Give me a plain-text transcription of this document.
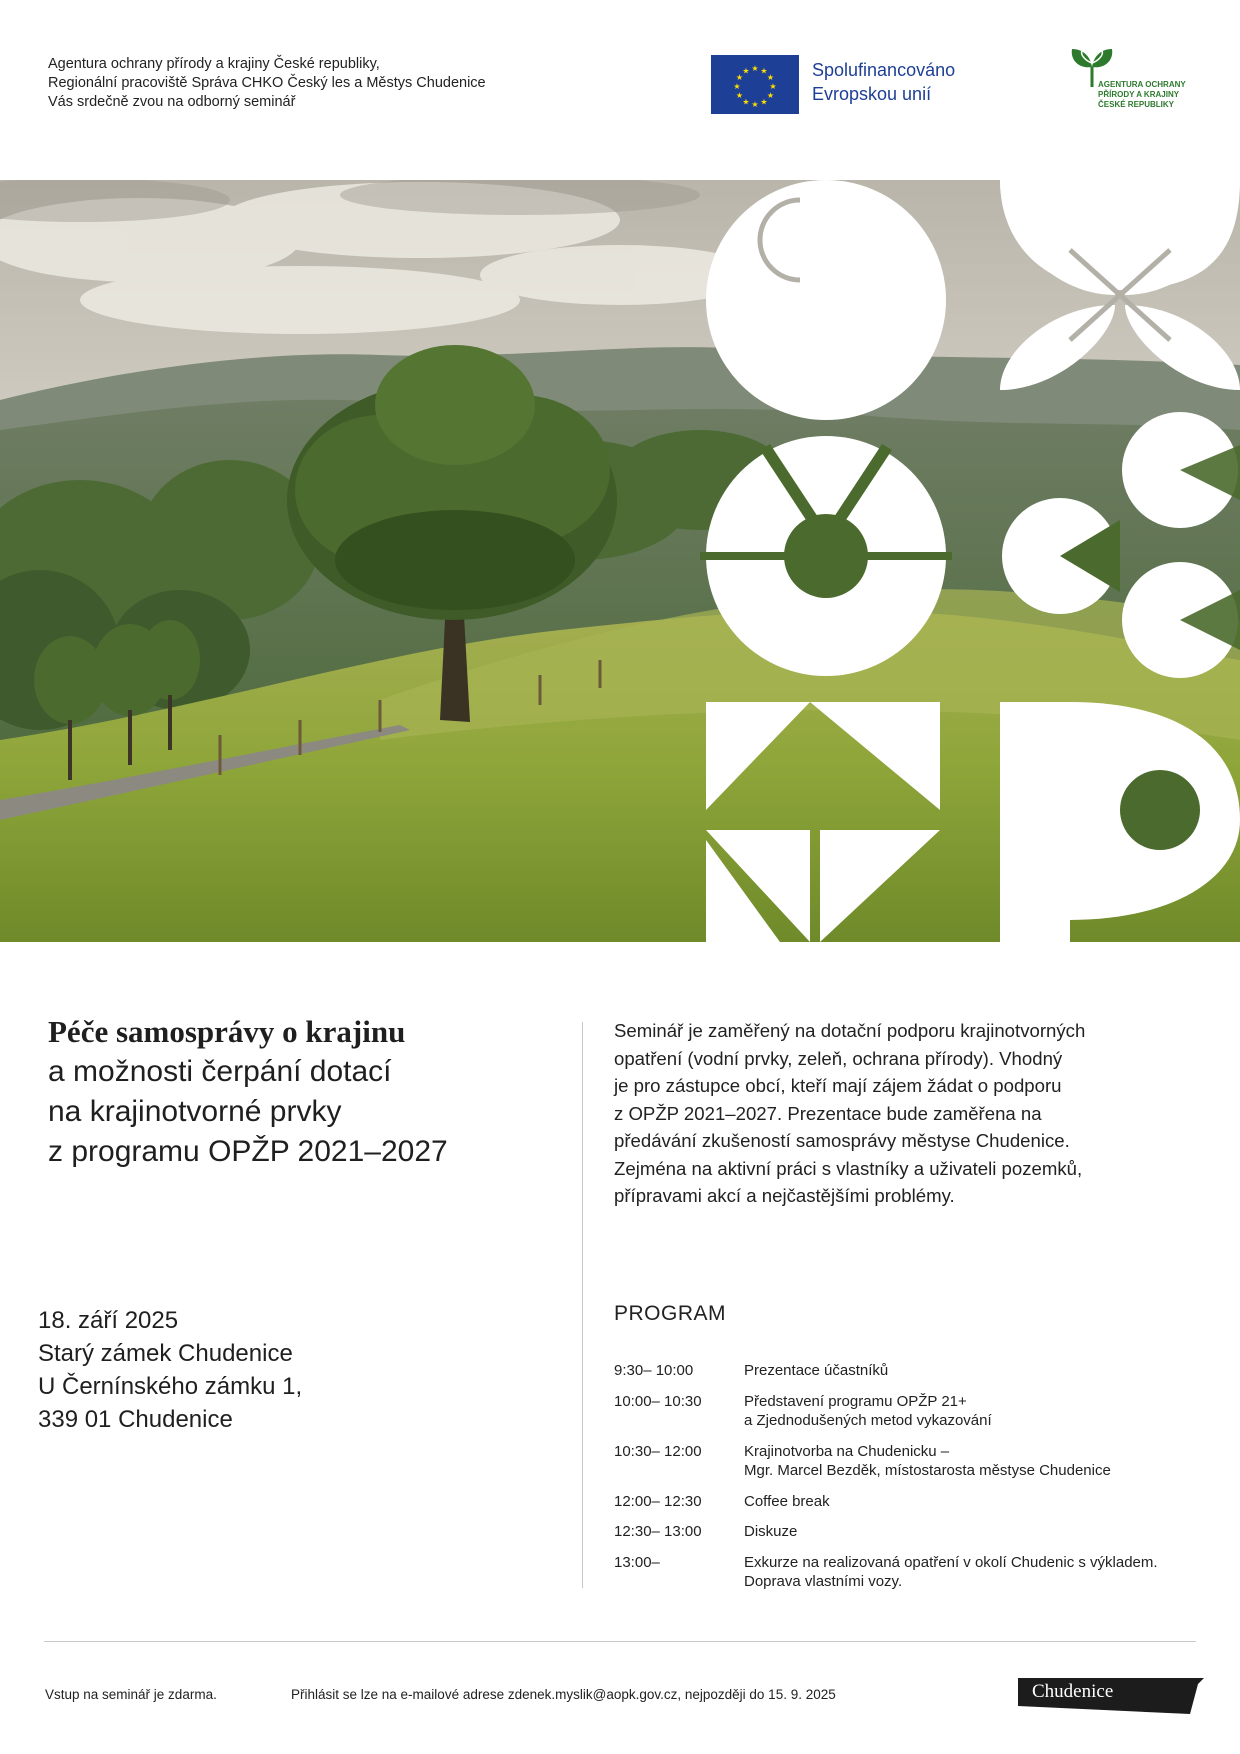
Agentura ochrany přírody a krajiny České republiky,
Regionální pracoviště Správa CHKO Český les a Městys Chudenice
Vás srdečně zvou na odborný seminář
★ ★
★
★
★
★
★
★
★
★
★
★	Spolufinancováno
Evropskou unií	AGENTURA OCHRANY
PŘÍRODY A KRAJINY
ČESKÉ REPUBLIKY
Péče samosprávy o krajinu
a možnosti čerpání dotací
na krajinotvorné prvky
z programu OPŽP 2021–2027
Seminář je zaměřený na dotační podporu krajinotvorných
opatření (vodní prvky, zeleň, ochrana přírody). Vhodný
je pro zástupce obcí, kteří mají zájem žádat o podporu
z OPŽP 2021–2027. Prezentace bude zaměřena na
předávání zkušeností samosprávy městyse Chudenice.
Zejména na aktivní práci s vlastníky a uživateli pozemků,
přípravami akcí a nejčastějšími problémy.
18. září 2025
Starý zámek Chudenice
U Černínského zámku 1,
339 01 Chudenice
PROGRAM
9:30– 10:00	Prezentace účastníků
10:00– 10:30	Představení programu OPŽP 21+
a Zjednodušených metod vykazování
10:30– 12:00	Krajinotvorba na Chudenicku –
Mgr. Marcel Bezděk, místostarosta městyse Chudenice
12:00– 12:30	Coffee break
12:30– 13:00	Diskuze
13:00–	Exkurze na realizovaná opatření v okolí Chudenic s výkladem.
Doprava vlastními vozy.
Vstup na seminář je zdarma.	Přihlásit se lze na e-mailové adrese zdenek.myslik@aopk.gov.cz, nejpozději do 15. 9. 2025	Chudenice
